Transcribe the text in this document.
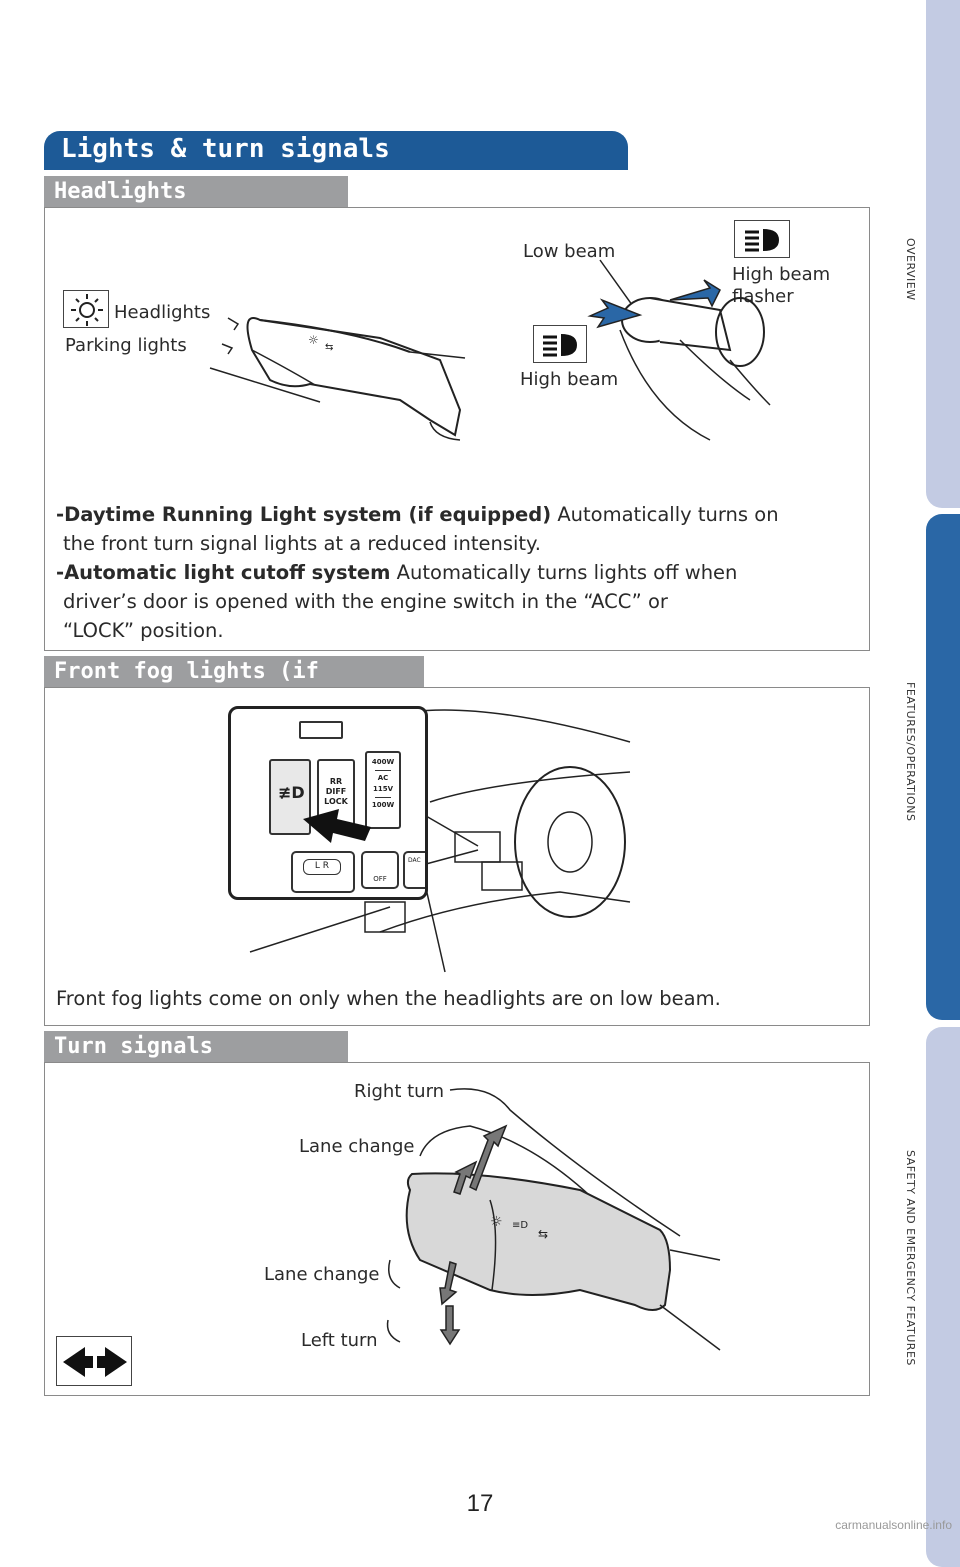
OVERVIEW
FEATURES/OPERATIONS
SAFETY AND EMERGENCY FEATURES
Lights & turn signals
Headlights
Headlights
Parking lights	☼
⇆
Low beam
High beam
High beam
flasher
-Daytime Running Light system (if equipped) Automatically turns on
the front turn signal lights at a reduced intensity.
-Automatic light cutoff system Automatically turns lights off when
driver’s door is opened with the engine switch in the “ACC” or
“LOCK” position.
Front fog lights (if
≢D
RR
DIFF
LOCK
400W
AC
115V
100W
L R
OFF
DAC
Front fog lights come on only when the headlights are on low beam.
Turn signals
Right turn
Lane change
Lane change
Left turn
☼ ≡D
⇆
17
carmanualsonline.info
